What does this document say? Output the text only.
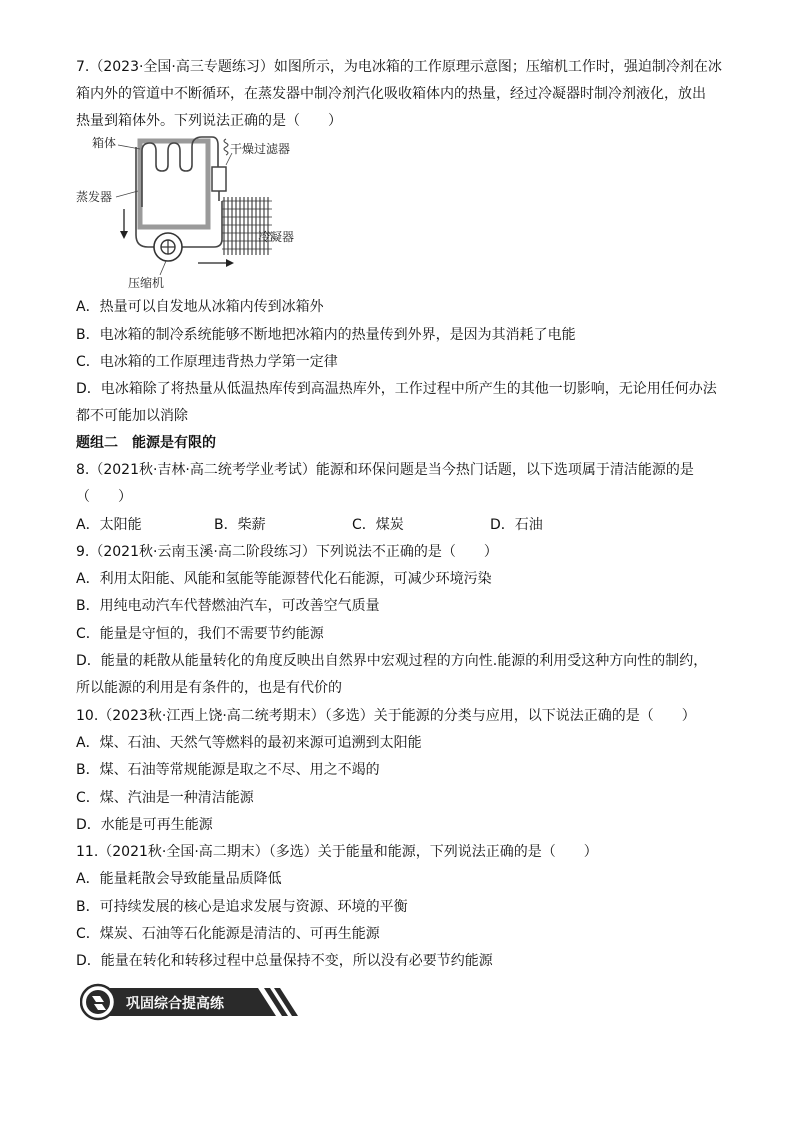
7.（2023·全国·高三专题练习）如图所示，为电冰箱的工作原理示意图；压缩机工作时，强迫制冷剂在冰
箱内外的管道中不断循环，在蒸发器中制冷剂汽化吸收箱体内的热量，经过冷凝器时制冷剂液化，放出
热量到箱体外。下列说法正确的是（　　）
箱体	干燥过滤器
蒸发器
冷凝器
压缩机
A．热量可以自发地从冰箱内传到冰箱外
B．电冰箱的制冷系统能够不断地把冰箱内的热量传到外界，是因为其消耗了电能
C．电冰箱的工作原理违背热力学第一定律
D．电冰箱除了将热量从低温热库传到高温热库外，工作过程中所产生的其他一切影响，无论用任何办法
都不可能加以消除
题组二　能源是有限的
8.（2021秋·吉林·高二统考学业考试）能源和环保问题是当今热门话题，以下选项属于清洁能源的是
（　　）
A．太阳能	B．柴薪	C．煤炭	D．石油
9.（2021秋·云南玉溪·高二阶段练习）下列说法不正确的是（　　）
A．利用太阳能、风能和氢能等能源替代化石能源，可减少环境污染
B．用纯电动汽车代替燃油汽车，可改善空气质量
C．能量是守恒的，我们不需要节约能源
D．能量的耗散从能量转化的角度反映出自然界中宏观过程的方向性.能源的利用受这种方向性的制约，
所以能源的利用是有条件的，也是有代价的
10.（2023秋·江西上饶·高二统考期末）（多选）关于能源的分类与应用，以下说法正确的是（　　）
A．煤、石油、天然气等燃料的最初来源可追溯到太阳能
B．煤、石油等常规能源是取之不尽、用之不竭的
C．煤、汽油是一种清洁能源
D．水能是可再生能源
11.（2021秋·全国·高二期末）（多选）关于能量和能源，下列说法正确的是（　　）
A．能量耗散会导致能量品质降低
B．可持续发展的核心是追求发展与资源、环境的平衡
C．煤炭、石油等石化能源是清洁的、可再生能源
D．能量在转化和转移过程中总量保持不变，所以没有必要节约能源
巩固综合提高练
